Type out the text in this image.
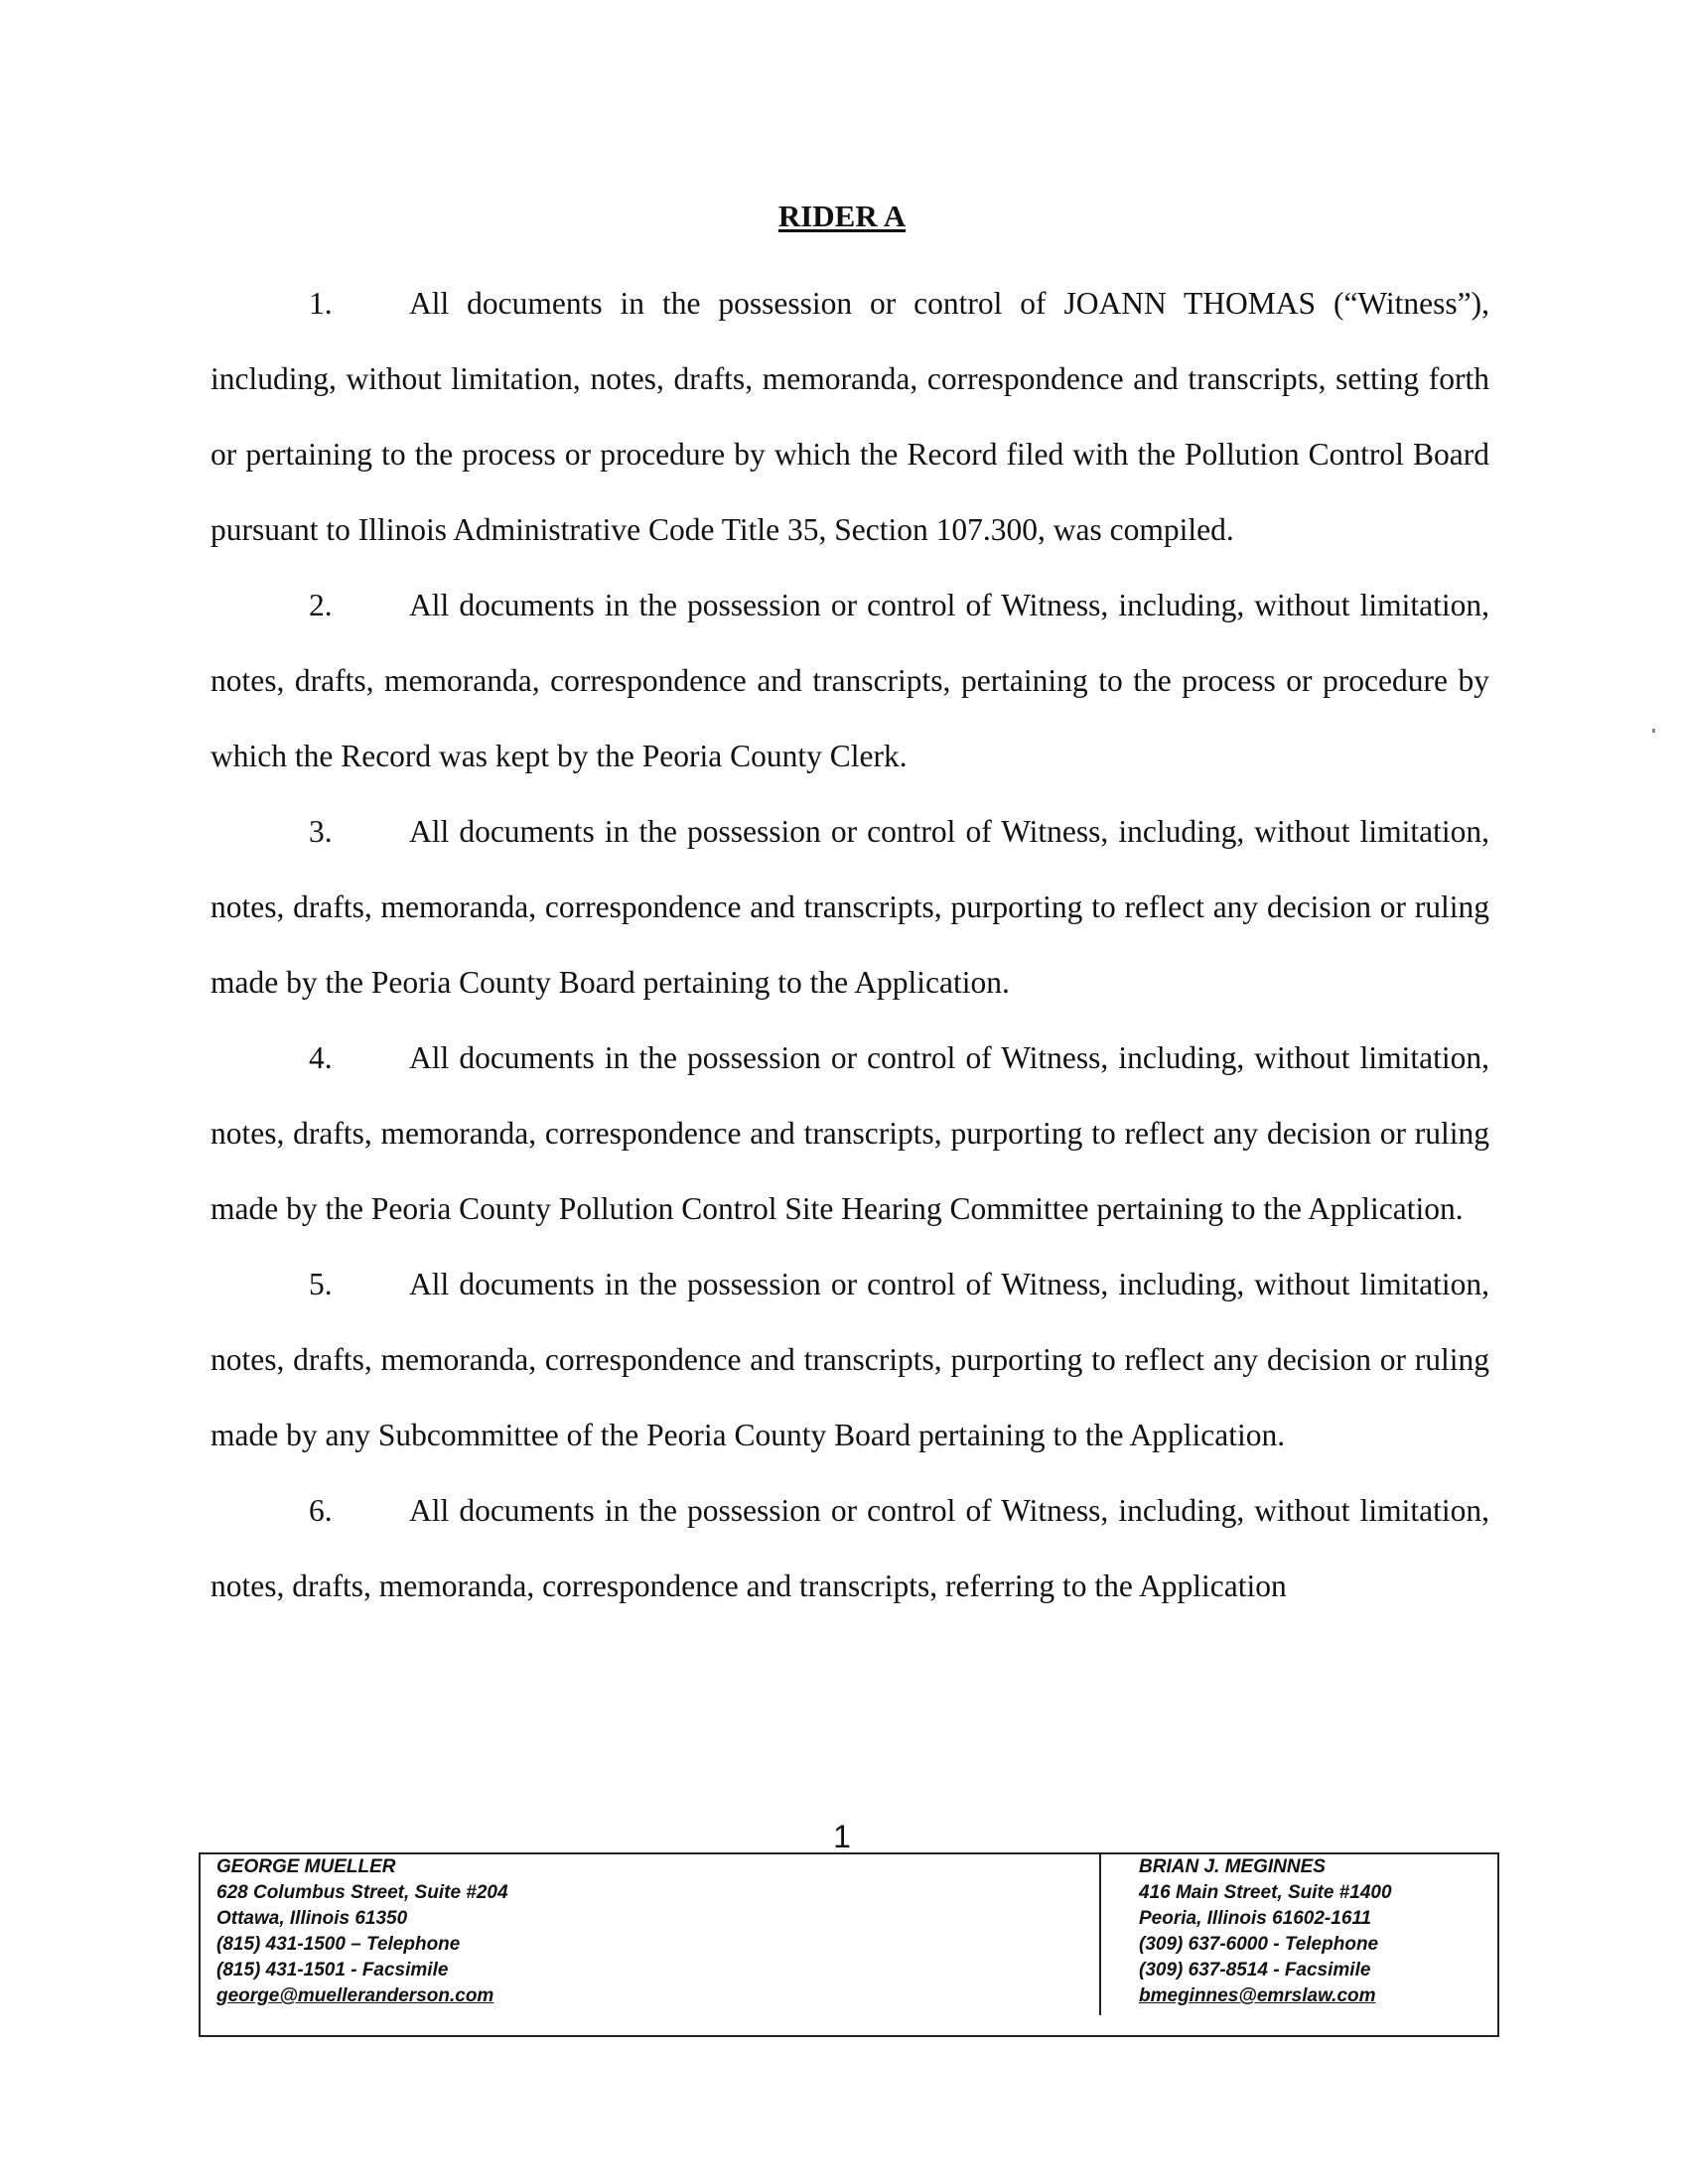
RIDER A

1. All documents in the possession or control of JOANN THOMAS (“Witness”), including, without limitation, notes, drafts, memoranda, correspondence and transcripts, setting forth or pertaining to the process or procedure by which the Record filed with the Pollution Control Board pursuant to Illinois Administrative Code Title 35, Section 107.300, was compiled.

2. All documents in the possession or control of Witness, including, without limitation, notes, drafts, memoranda, correspondence and transcripts, pertaining to the process or procedure by which the Record was kept by the Peoria County Clerk.

3. All documents in the possession or control of Witness, including, without limitation, notes, drafts, memoranda, correspondence and transcripts, purporting to reflect any decision or ruling made by the Peoria County Board pertaining to the Application.

4. All documents in the possession or control of Witness, including, without limitation, notes, drafts, memoranda, correspondence and transcripts, purporting to reflect any decision or ruling made by the Peoria County Pollution Control Site Hearing Committee pertaining to the Application.

5. All documents in the possession or control of Witness, including, without limitation, notes, drafts, memoranda, correspondence and transcripts, purporting to reflect any decision or ruling made by any Subcommittee of the Peoria County Board pertaining to the Application.

6. All documents in the possession or control of Witness, including, without limitation, notes, drafts, memoranda, correspondence and transcripts, referring to the Application

1
GEORGE MUELLER
628 Columbus Street, Suite #204
Ottawa, Illinois 61350
(815) 431-1500 – Telephone
(815) 431-1501 - Facsimile
george@muelleranderson.com
BRIAN J. MEGINNES
416 Main Street, Suite #1400
Peoria, Illinois 61602-1611
(309) 637-6000 - Telephone
(309) 637-8514 - Facsimile
bmeginnes@emrslaw.com
